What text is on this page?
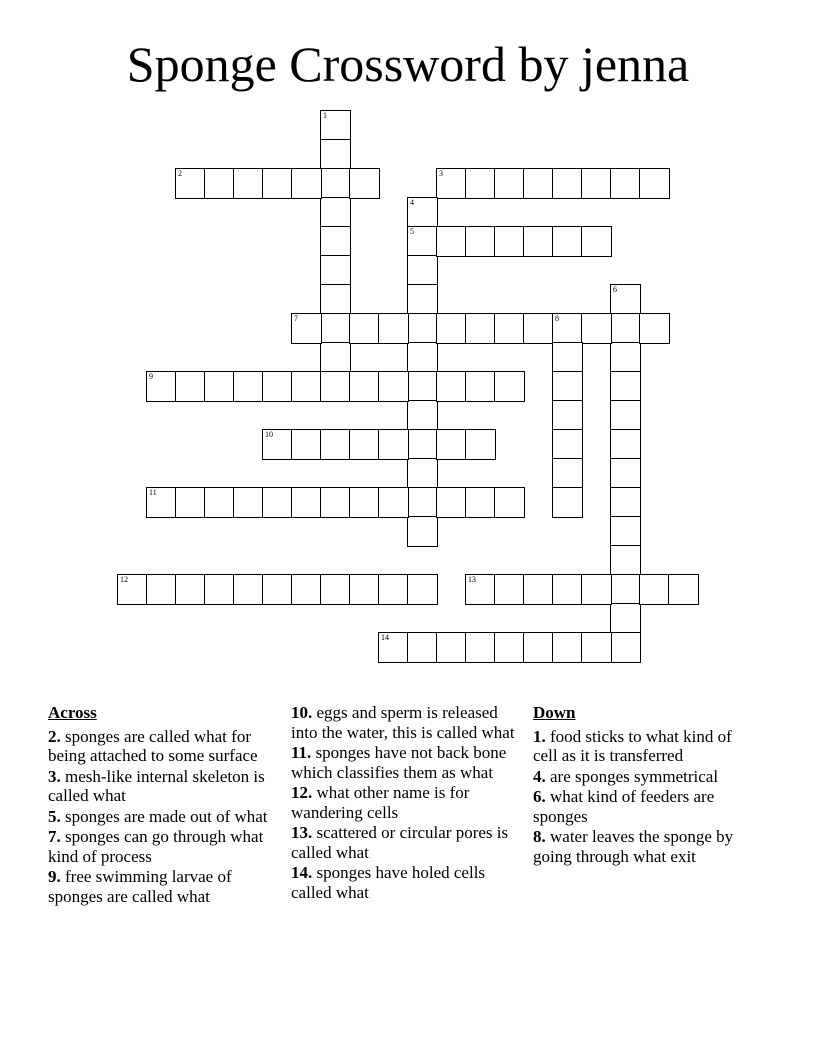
Sponge Crossword by jenna
1
2	3
4
5
6
7	8
9
10
11
12	13
14
Across
2. sponges are called what for being attached to some surface
3. mesh-like internal skeleton is called what
5. sponges are made out of what
7. sponges can go through what kind of process
9. free swimming larvae of sponges are called what
10. eggs and sperm is released into the water, this is called what
11. sponges have not back bone which classifies them as what
12. what other name is for wandering cells
13. scattered or circular pores is called what
14. sponges have holed cells called what
Down
1. food sticks to what kind of cell as it is transferred
4. are sponges symmetrical
6. what kind of feeders are sponges
8. water leaves the sponge by going through what exit
